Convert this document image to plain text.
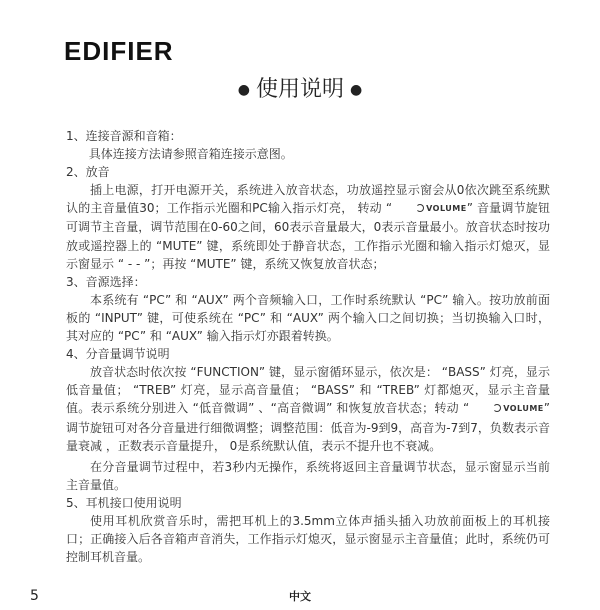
EDIFIER
● 使用说明 ●

1、连接音源和音箱：

具体连接方法请参照音箱连接示意图。

2、放音

插上电源，打开电源开关，系统进入放音状态，功放遥控显示窗会从0依次跳至系统默认的主音量值30；工作指示光圈和PC输入指示灯亮， 转动 “	VOLUME” 音量调节旋钮可调节主音量，调节范围在0-60之间，60表示音量最大，0表示音量最小。放音状态时按功放或遥控器上的 “MUTE” 键，系统即处于静音状态，工作指示光圈和输入指示灯熄灭，显示窗显示 “ - - ”；再按 “MUTE” 键，系统又恢复放音状态；

3、音源选择：

本系统有 “PC” 和 “AUX” 两个音频输入口，工作时系统默认 “PC” 输入。按功放前面板的 “INPUT” 键，可使系统在 “PC” 和 “AUX” 两个输入口之间切换；当切换输入口时，其对应的 “PC” 和 “AUX” 输入指示灯亦跟着转换。

4、分音量调节说明

放音状态时依次按 “FUNCTION” 键，显示窗循环显示，依次是： “BASS” 灯亮，显示低音量值； “TREB” 灯亮，显示高音量值； “BASS” 和 “TREB” 灯都熄灭，显示主音量值。表示系统分别进入 “低音微调” 、“高音微调” 和恢复放音状态；转动 “	VOLUME” 调节旋钮可对各分音量进行细微调整；调整范围：低音为-9到9，高音为-7到7，负数表示音量衰减 ，正数表示音量提升， 0是系统默认值，表示不提升也不衰减。

在分音量调节过程中，若3秒内无操作，系统将返回主音量调节状态，显示窗显示当前主音量值。

5、耳机接口使用说明

使用耳机欣赏音乐时，需把耳机上的3.5mm立体声插头插入功放前面板上的耳机接口；正确接入后各音箱声音消失，工作指示灯熄灭，显示窗显示主音量值；此时，系统仍可控制耳机音量。

5	中文
